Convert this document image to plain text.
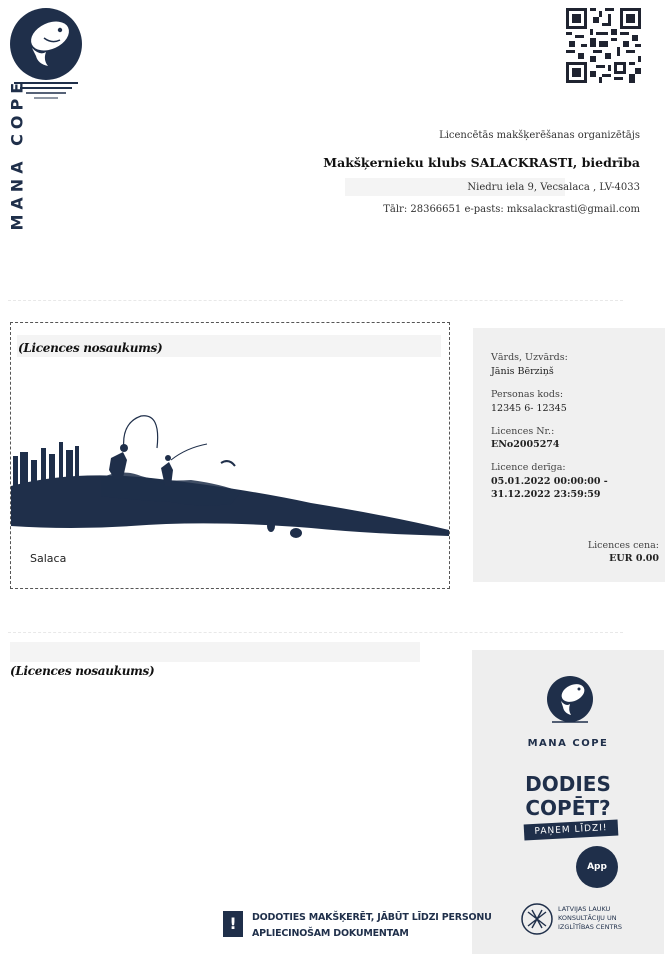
MANA COPE	Licencētās makšķerēšanas organizētājs
Makšķernieku klubs SALACKRASTI, biedrība
Niedru iela 9, Vecsalaca , LV-4033
Tālr: 28366651 e-pasts: mksalackrasti@gmail.com
(Licences nosaukums)
Salaca
Vārds, Uzvārds:
Jānis Bērziņš
Personas kods:
12345 6- 12345
Licences Nr.:
ENo2005274
Licence derīga:
05.01.2022 00:00:00 -
31.12.2022 23:59:59
Licences cena:
EUR 0.00
(Licences nosaukums)
MANA COPE
DODIES
COPĒT?
PAŅEM LĪDZI!
App
LATVIJAS LAUKU
KONSULTĀCIJU UN
IZGLĪTĪBAS CENTRS
!	DODOTIES MAKŠĶERĒT, JĀBŪT LĪDZI PERSONU
APLIECINOŠAM DOKUMENTAM
